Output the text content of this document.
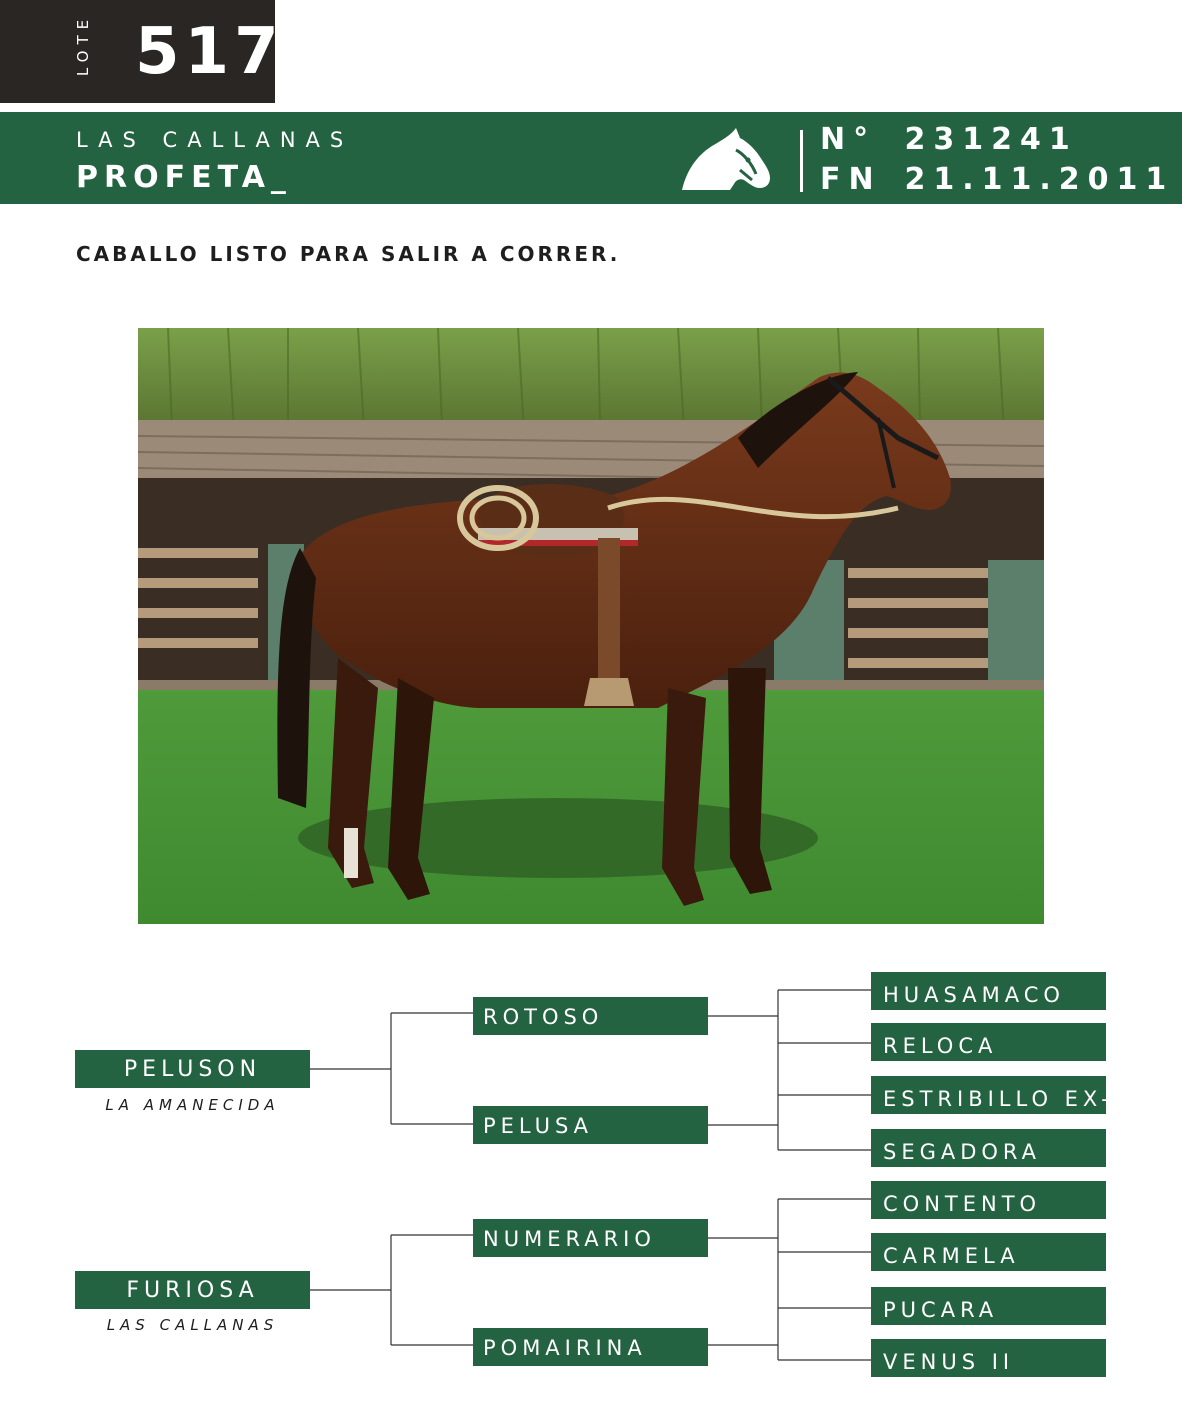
LOTE 517
LAS CALLANAS
PROFETA_
N° 231241
FN 21.11.2011
CABALLO LISTO PARA SALIR A CORRER.
PELUSON
LA AMANECIDA
FURIOSA
LAS CALLANAS
ROTOSO
PELUSA
NUMERARIO
POMAIRINA
HUASAMACO
RELOCA
ESTRIBILLO EX-R
SEGADORA
CONTENTO
CARMELA
PUCARA
VENUS II
